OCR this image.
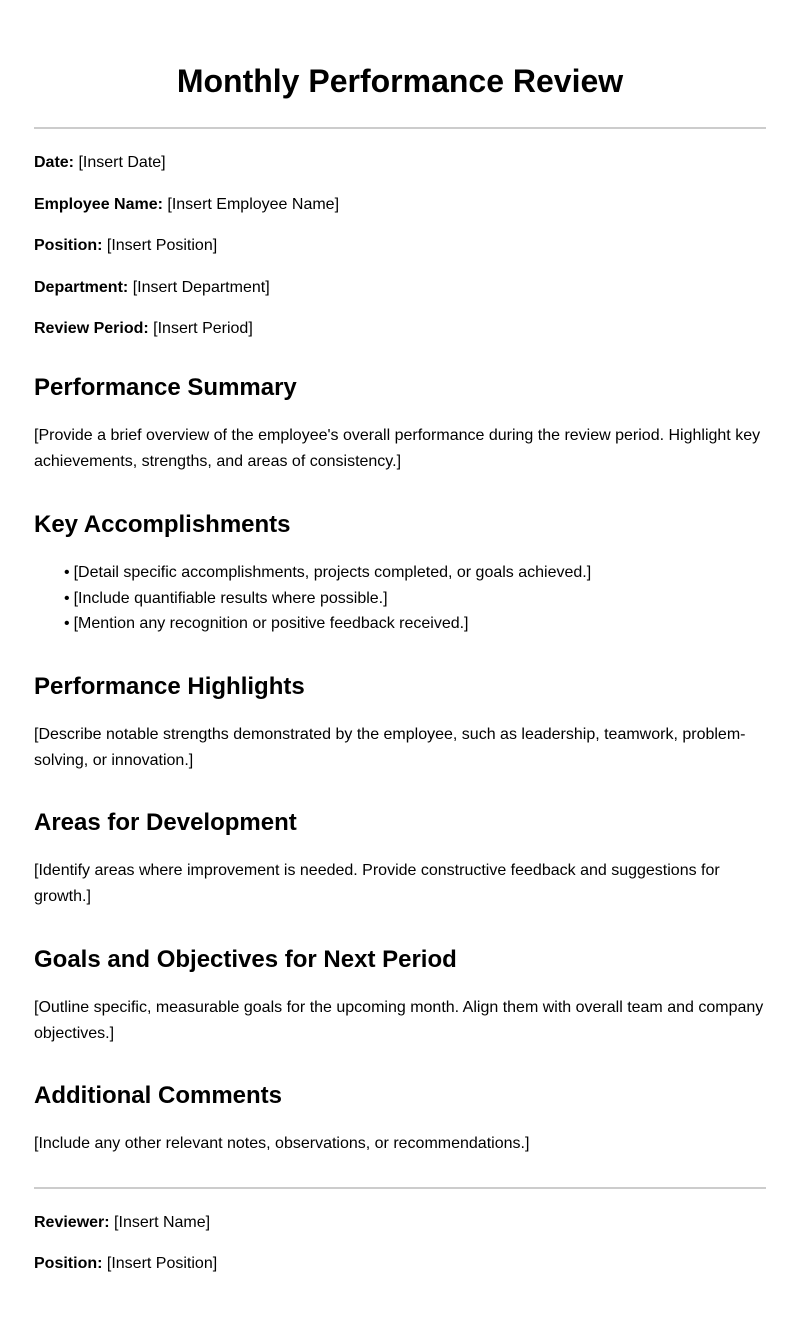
Monthly Performance Review
Date: [Insert Date]
Employee Name: [Insert Employee Name]
Position: [Insert Position]
Department: [Insert Department]
Review Period: [Insert Period]
Performance Summary

[Provide a brief overview of the employee's overall performance during the review period. Highlight key achievements, strengths, and areas of consistency.]

Key Accomplishments
• [Detail specific accomplishments, projects completed, or goals achieved.]
• [Include quantifiable results where possible.]
• [Mention any recognition or positive feedback received.]
Performance Highlights

[Describe notable strengths demonstrated by the employee, such as leadership, teamwork, problem-solving, or innovation.]

Areas for Development

[Identify areas where improvement is needed. Provide constructive feedback and suggestions for growth.]

Goals and Objectives for Next Period

[Outline specific, measurable goals for the upcoming month. Align them with overall team and company objectives.]

Additional Comments

[Include any other relevant notes, observations, or recommendations.]

Reviewer: [Insert Name]
Position: [Insert Position]
